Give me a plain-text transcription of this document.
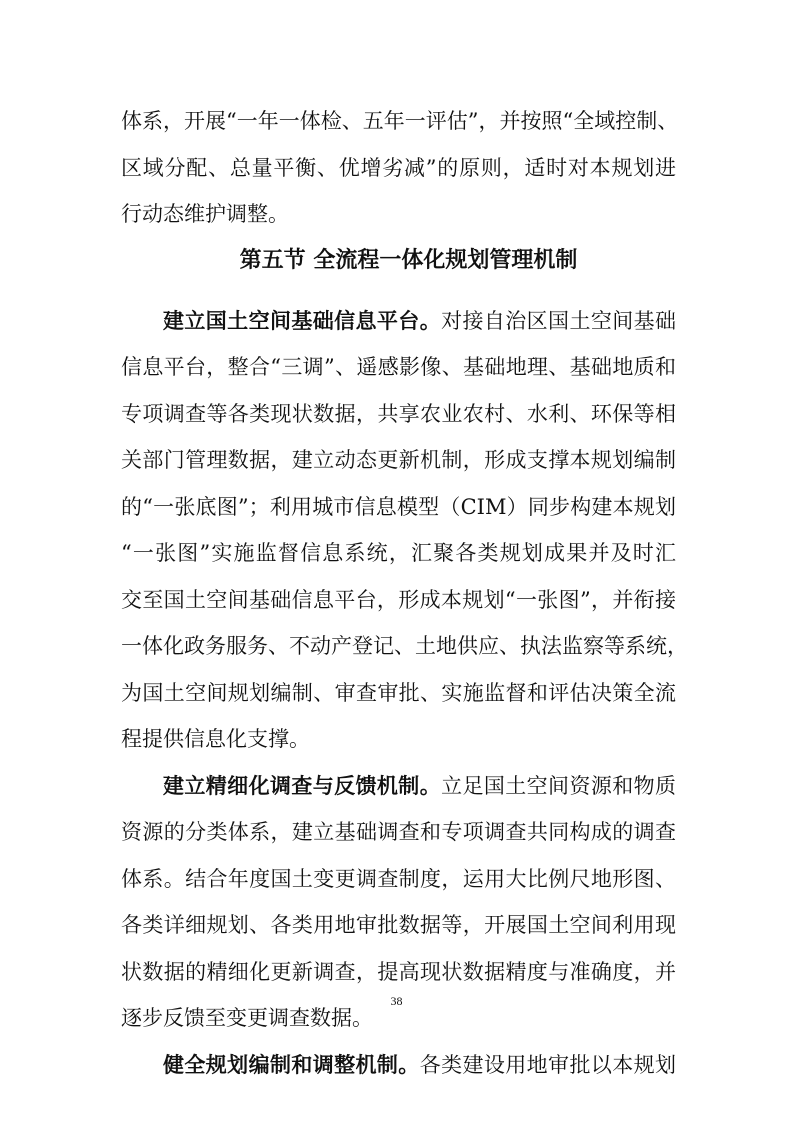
体系，开展“一年一体检、五年一评估”，并按照“全域控制、
区域分配、总量平衡、优增劣减”的原则，适时对本规划进
行动态维护调整。
第五节 全流程一体化规划管理机制
建立国土空间基础信息平台。对接自治区国土空间基础
信息平台，整合“三调”、遥感影像、基础地理、基础地质和
专项调查等各类现状数据，共享农业农村、水利、环保等相
关部门管理数据，建立动态更新机制，形成支撑本规划编制
的“一张底图”；利用城市信息模型（CIM）同步构建本规划
“一张图”实施监督信息系统，汇聚各类规划成果并及时汇
交至国土空间基础信息平台，形成本规划“一张图”，并衔接
一体化政务服务、不动产登记、土地供应、执法监察等系统，
为国土空间规划编制、审查审批、实施监督和评估决策全流
程提供信息化支撑。
建立精细化调查与反馈机制。立足国土空间资源和物质
资源的分类体系，建立基础调查和专项调查共同构成的调查
体系。结合年度国土变更调查制度，运用大比例尺地形图、
各类详细规划、各类用地审批数据等，开展国土空间利用现
状数据的精细化更新调查，提高现状数据精度与准确度，并
逐步反馈至变更调查数据。
健全规划编制和调整机制。各类建设用地审批以本规划
38
